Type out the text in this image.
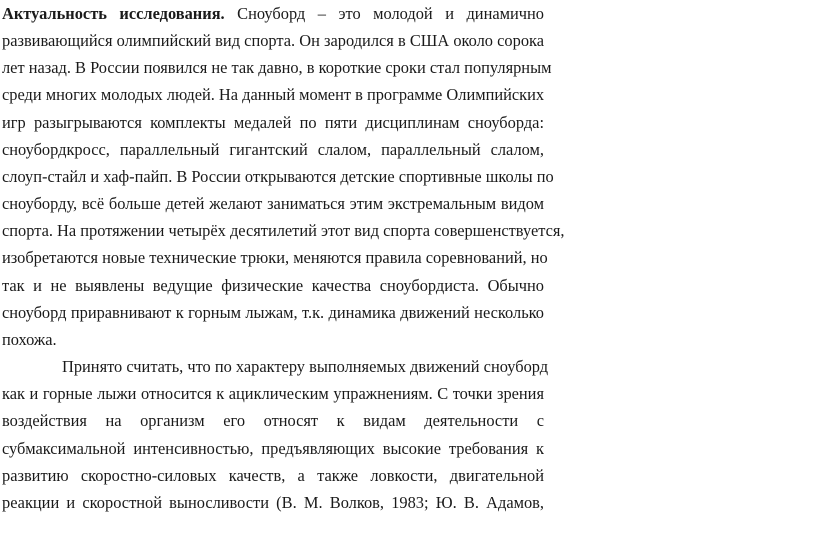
Актуальность исследования. Сноуборд – это молодой и динамично
развивающийся олимпийский вид спорта. Он зародился в США около сорока
лет назад. В России появился не так давно, в короткие сроки стал популярным
среди многих молодых людей. На данный момент в программе Олимпийских
игр разыгрываются комплекты медалей по пяти дисциплинам сноуборда:
сноубордкросс, параллельный гигантский слалом, параллельный слалом,
слоуп-стайл и хаф-пайп. В России открываются детские спортивные школы по
сноуборду, всё больше детей желают заниматься этим экстремальным видом
спорта. На протяжении четырёх десятилетий этот вид спорта совершенствуется,
изобретаются новые технические трюки, меняются правила соревнований, но
так и не выявлены ведущие физические качества сноубордиста. Обычно
сноуборд приравнивают к горным лыжам, т.к. динамика движений несколько
похожа.
Принято считать, что по характеру выполняемых движений сноуборд
как и горные лыжи относится к ациклическим упражнениям. С точки зрения
воздействия на организм его относят к видам деятельности с
субмаксимальной интенсивностью, предъявляющих высокие требования к
развитию скоростно-силовых качеств, а также ловкости, двигательной
реакции и скоростной выносливости (В. М. Волков, 1983; Ю. В. Адамов,
